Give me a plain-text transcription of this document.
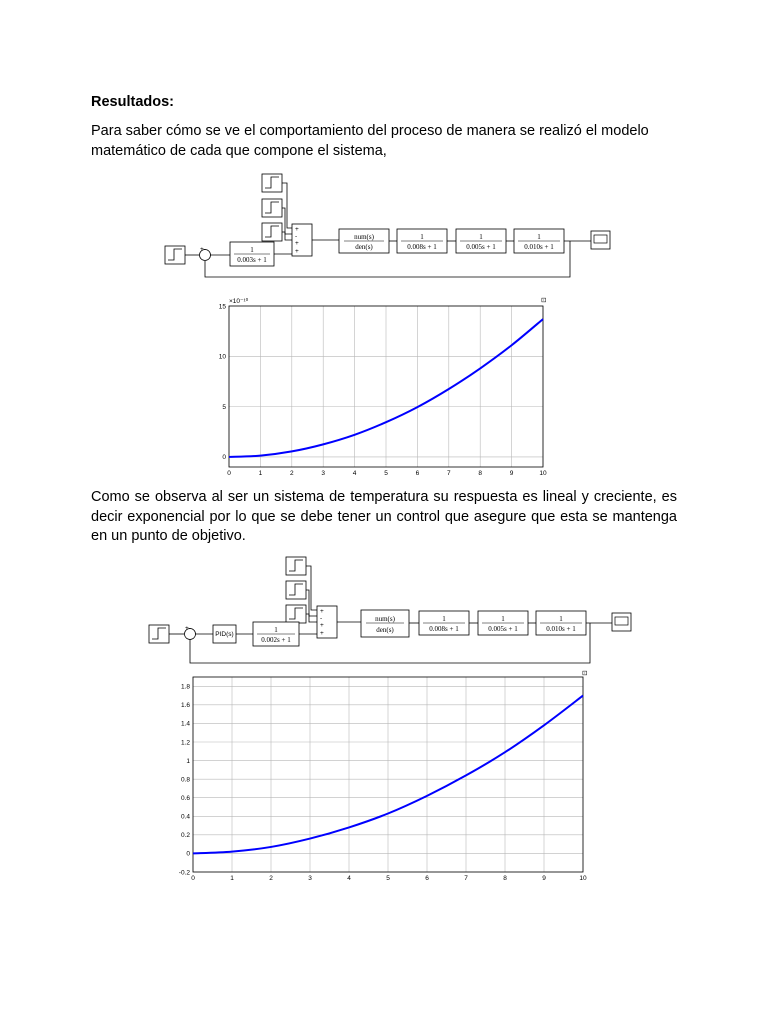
Resultados:

Para saber cómo se ve el comportamiento del proceso de manera se realizó el modelo
matemático de cada que compone el sistema,

+-	1
0.003s + 1
+
-
+
+
num(s)
den(s)
1
0.008s + 1
1
0.005s + 1
1
0.010s + 1
0	1	2	3	4	5	6	7	8	9	10
0
5
10
15
×10⁻¹⁰	⊡

Como se observa al ser un sistema de temperatura su respuesta es lineal y creciente, es decir exponencial por lo que se debe tener un control que asegure que esta se mantenga en un punto de objetivo.

+-
PID(s)
1
0.002s + 1
+
-
+
+
num(s)
den(s)
1
0.008s + 1
1
0.005s + 1
1
0.010s + 1
0	1	2	3	4	5	6	7	8	9	10
-0.2
0
0.2
0.4
0.6
0.8
1
1.2
1.4
1.6
1.8
⊡
